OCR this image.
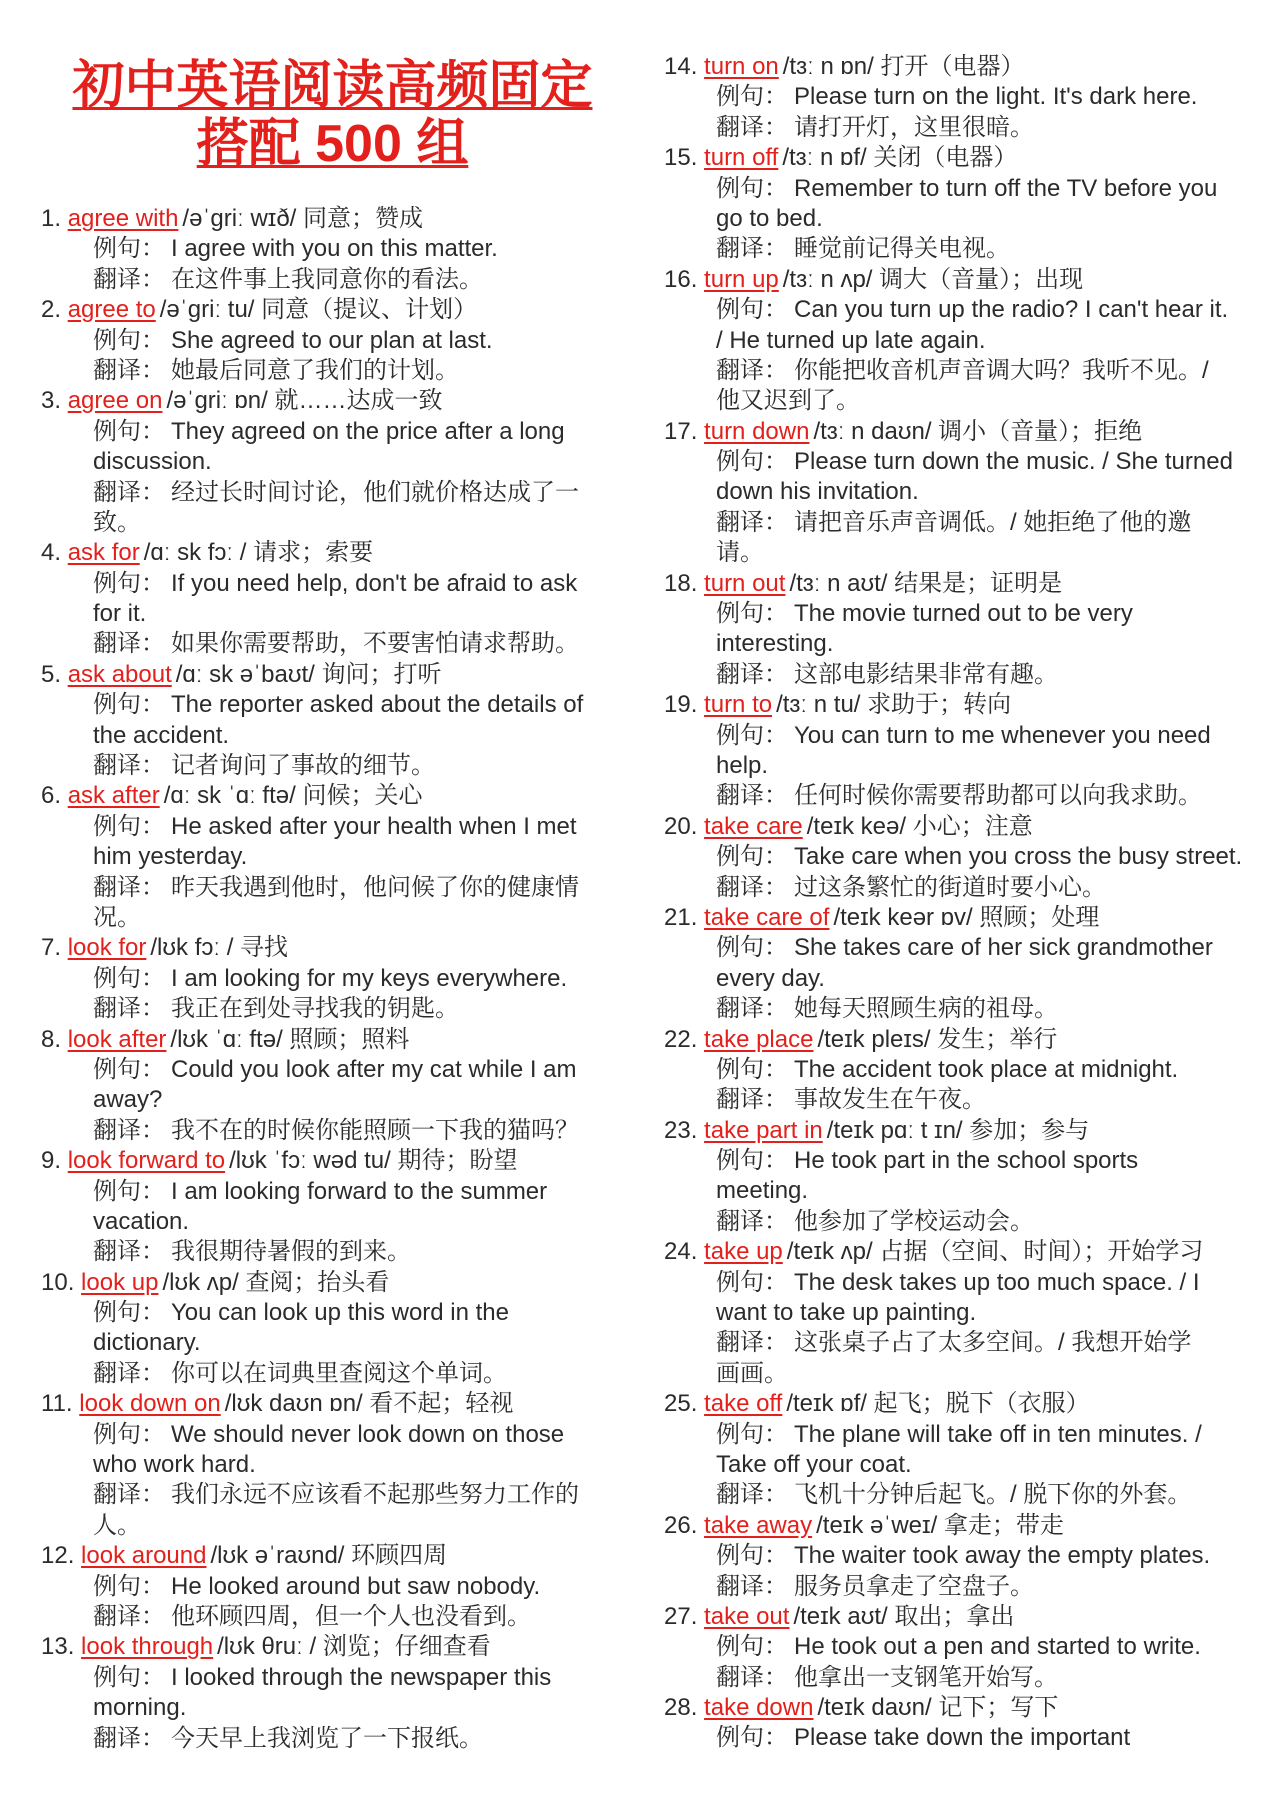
初中英语阅读高频固定
搭配 500 组
1. agree with /əˈgriː wɪð/ 同意；赞成
例句： I agree with you on this matter.
翻译： 在这件事上我同意你的看法。
2. agree to /əˈgriː tu/ 同意（提议、计划）
例句： She agreed to our plan at last.
翻译： 她最后同意了我们的计划。
3. agree on /əˈgriː ɒn/ 就……达成一致
例句： They agreed on the price after a long
discussion.
翻译： 经过长时间讨论，他们就价格达成了一
致。
4. ask for /ɑː sk fɔː / 请求；索要
例句： If you need help, don't be afraid to ask
for it.
翻译： 如果你需要帮助，不要害怕请求帮助。
5. ask about /ɑː sk əˈbaʊt/ 询问；打听
例句： The reporter asked about the details of
the accident.
翻译： 记者询问了事故的细节。
6. ask after /ɑː sk ˈɑː ftə/ 问候；关心
例句： He asked after your health when I met
him yesterday.
翻译： 昨天我遇到他时，他问候了你的健康情
况。
7. look for /lʊk fɔː / 寻找
例句： I am looking for my keys everywhere.
翻译： 我正在到处寻找我的钥匙。
8. look after /lʊk ˈɑː ftə/ 照顾；照料
例句： Could you look after my cat while I am
away?
翻译： 我不在的时候你能照顾一下我的猫吗？
9. look forward to /lʊk ˈfɔː wəd tu/ 期待；盼望
例句： I am looking forward to the summer
vacation.
翻译： 我很期待暑假的到来。
10. look up /lʊk ʌp/ 查阅；抬头看
例句： You can look up this word in the
dictionary.
翻译： 你可以在词典里查阅这个单词。
11. look down on /lʊk daʊn ɒn/ 看不起；轻视
例句： We should never look down on those
who work hard.
翻译： 我们永远不应该看不起那些努力工作的
人。
12. look around /lʊk əˈraʊnd/ 环顾四周
例句： He looked around but saw nobody.
翻译： 他环顾四周，但一个人也没看到。
13. look through /lʊk θruː / 浏览；仔细查看
例句： I looked through the newspaper this
morning.
翻译： 今天早上我浏览了一下报纸。
14. turn on /tɜː n ɒn/ 打开（电器）
例句： Please turn on the light. It's dark here.
翻译： 请打开灯，这里很暗。
15. turn off /tɜː n ɒf/ 关闭（电器）
例句： Remember to turn off the TV before you
go to bed.
翻译： 睡觉前记得关电视。
16. turn up /tɜː n ʌp/ 调大（音量）；出现
例句： Can you turn up the radio? I can't hear it.
/ He turned up late again.
翻译： 你能把收音机声音调大吗？我听不见。/
他又迟到了。
17. turn down /tɜː n daʊn/ 调小（音量）；拒绝
例句： Please turn down the music. / She turned
down his invitation.
翻译： 请把音乐声音调低。/ 她拒绝了他的邀
请。
18. turn out /tɜː n aʊt/ 结果是；证明是
例句： The movie turned out to be very
interesting.
翻译： 这部电影结果非常有趣。
19. turn to /tɜː n tu/ 求助于；转向
例句： You can turn to me whenever you need
help.
翻译： 任何时候你需要帮助都可以向我求助。
20. take care /teɪk keə/ 小心；注意
例句： Take care when you cross the busy street.
翻译： 过这条繁忙的街道时要小心。
21. take care of /teɪk keər ɒv/ 照顾；处理
例句： She takes care of her sick grandmother
every day.
翻译： 她每天照顾生病的祖母。
22. take place /teɪk pleɪs/ 发生；举行
例句： The accident took place at midnight.
翻译： 事故发生在午夜。
23. take part in /teɪk pɑː t ɪn/ 参加；参与
例句： He took part in the school sports
meeting.
翻译： 他参加了学校运动会。
24. take up /teɪk ʌp/ 占据（空间、时间）；开始学习
例句： The desk takes up too much space. / I
want to take up painting.
翻译： 这张桌子占了太多空间。/ 我想开始学
画画。
25. take off /teɪk ɒf/ 起飞；脱下（衣服）
例句： The plane will take off in ten minutes. /
Take off your coat.
翻译： 飞机十分钟后起飞。/ 脱下你的外套。
26. take away /teɪk əˈweɪ/ 拿走；带走
例句： The waiter took away the empty plates.
翻译： 服务员拿走了空盘子。
27. take out /teɪk aʊt/ 取出；拿出
例句： He took out a pen and started to write.
翻译： 他拿出一支钢笔开始写。
28. take down /teɪk daʊn/ 记下；写下
例句： Please take down the important
